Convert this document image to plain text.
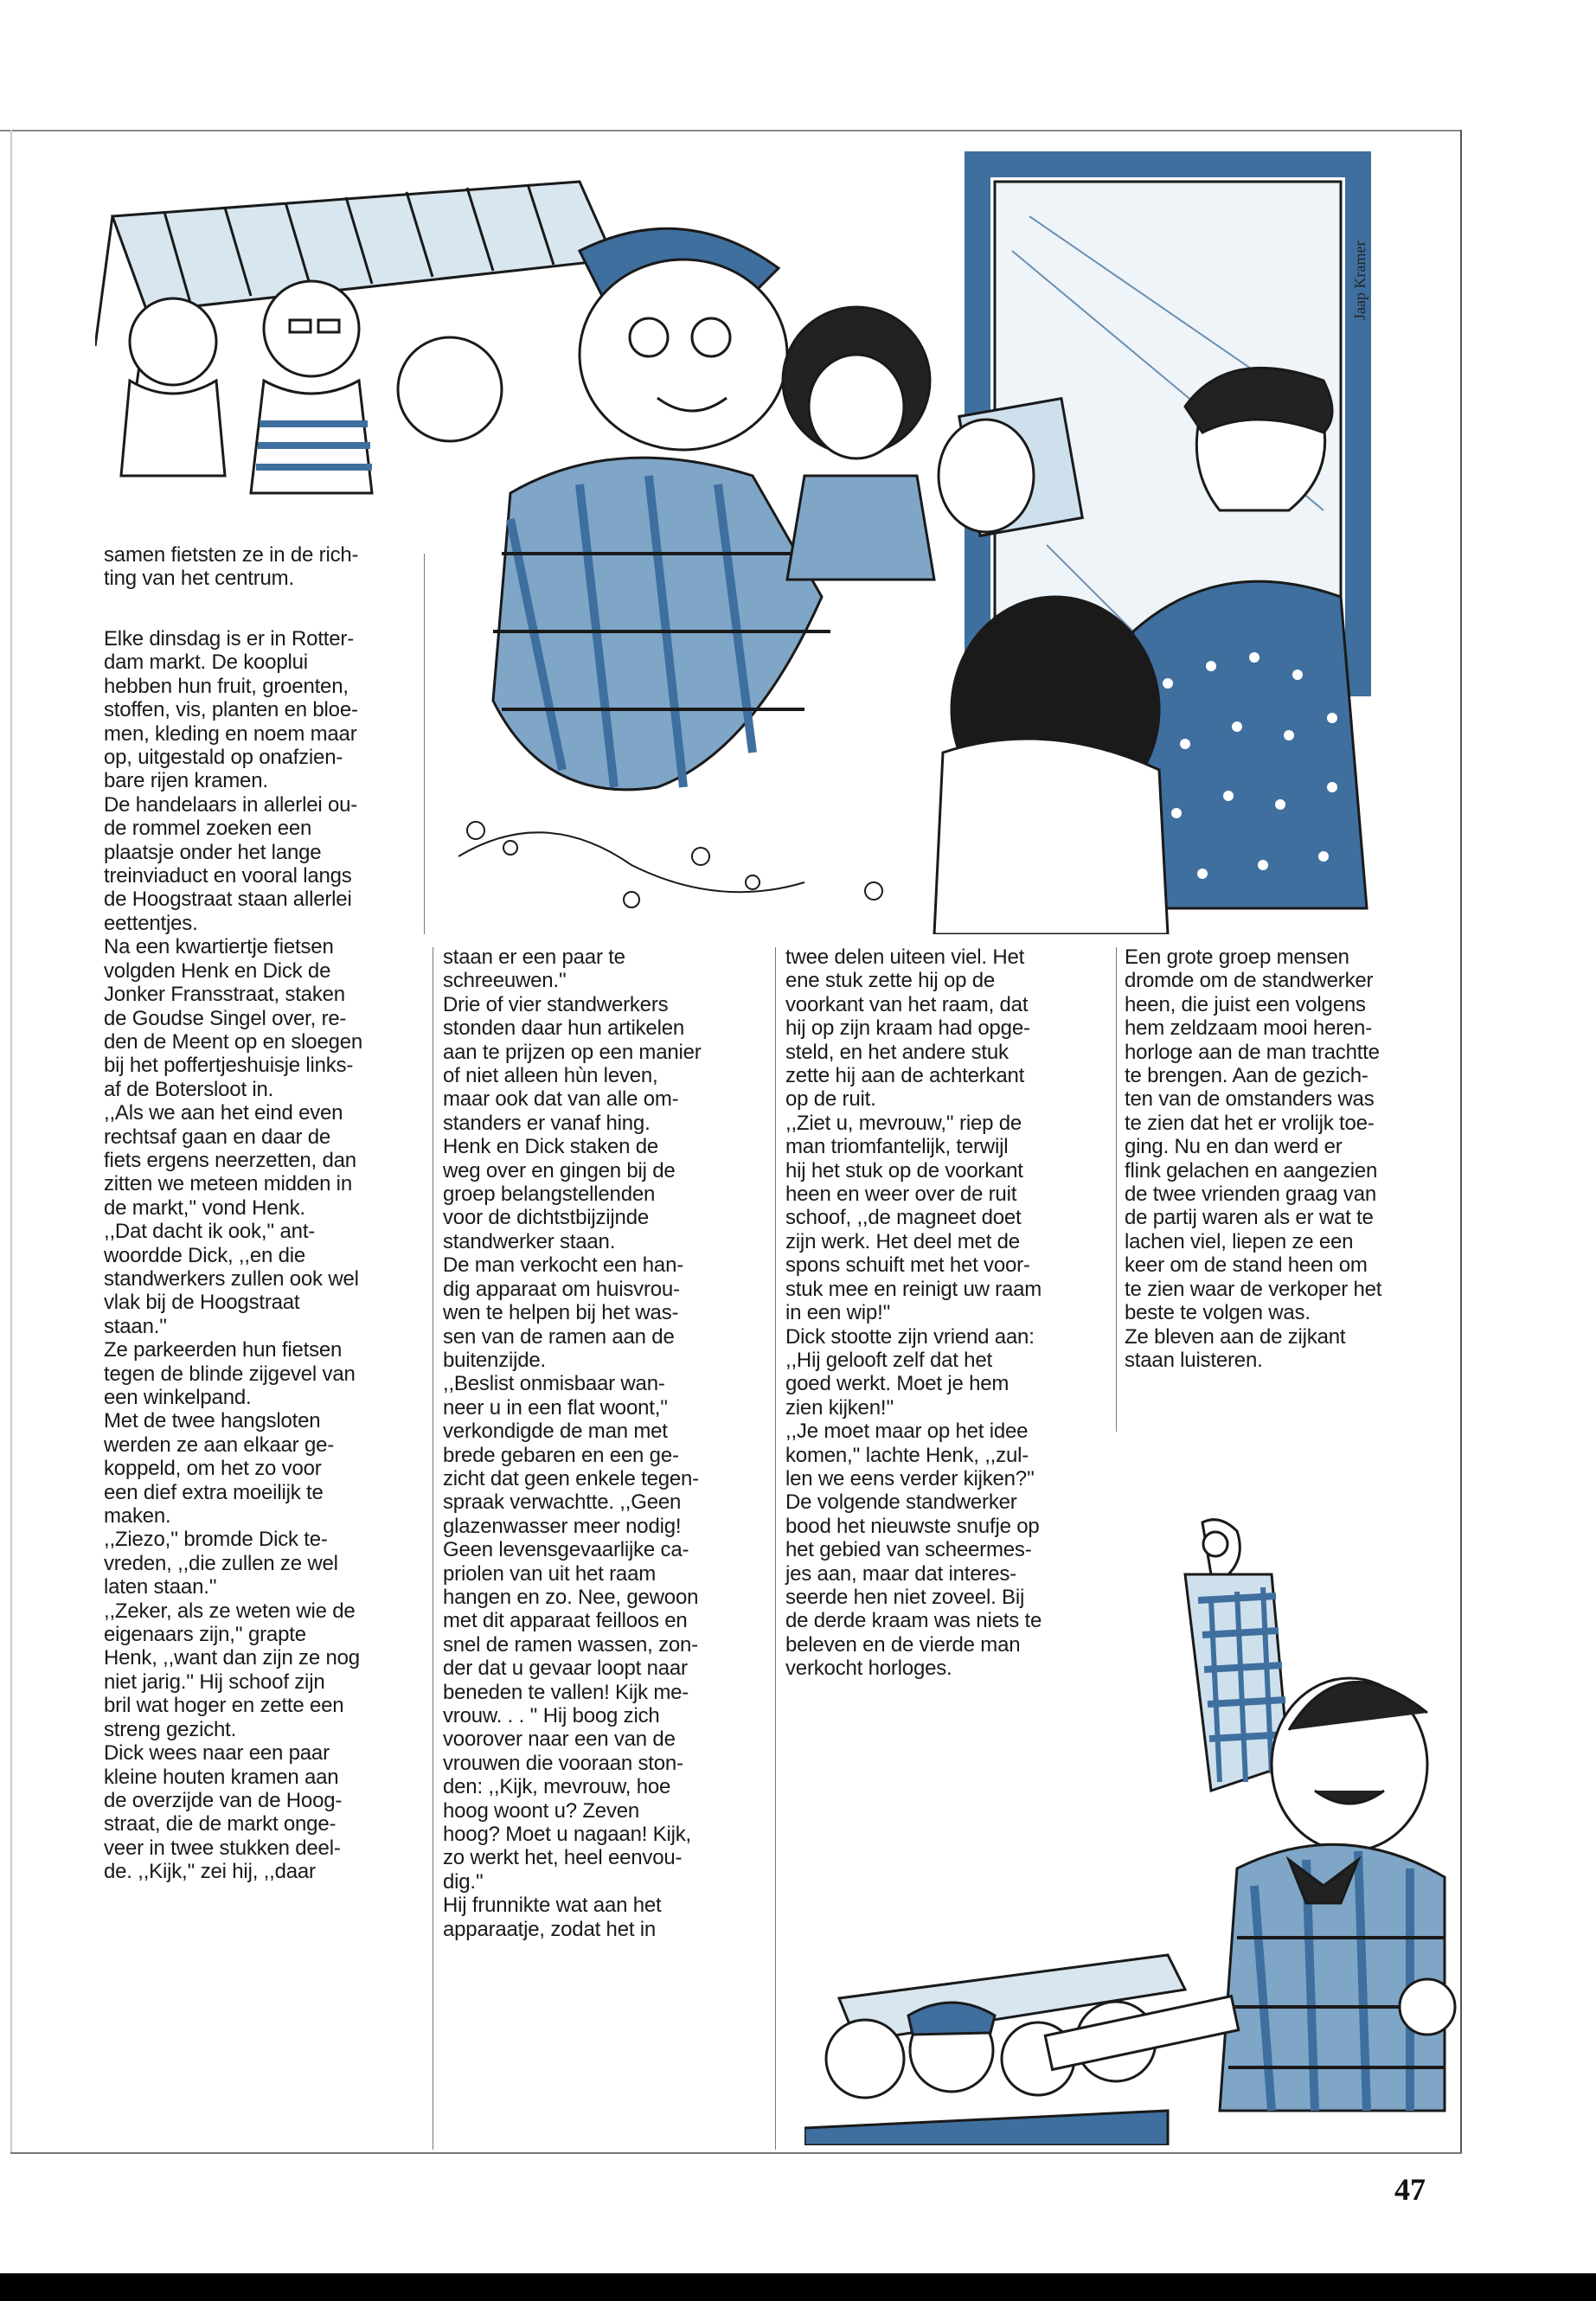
Jaap Kramer

samen fietsten ze in de rich-

ting van het centrum.

Elke dinsdag is er in Rotter-

dam markt. De kooplui

hebben hun fruit, groenten,

stoffen, vis, planten en bloe-

men, kleding en noem maar

op, uitgestald op onafzien-

bare rijen kramen.

De handelaars in allerlei ou-

de rommel zoeken een

plaatsje onder het lange

treinviaduct en vooral langs

de Hoogstraat staan allerlei

eettentjes.

Na een kwartiertje fietsen

volgden Henk en Dick de

Jonker Fransstraat, staken

de Goudse Singel over, re-

den de Meent op en sloegen

bij het poffertjeshuisje links-

af de Botersloot in.

,,Als we aan het eind even

rechtsaf gaan en daar de

fiets ergens neerzetten, dan

zitten we meteen midden in

de markt,'' vond Henk.

,,Dat dacht ik ook,'' ant-

woordde Dick, ,,en die

standwerkers zullen ook wel

vlak bij de Hoogstraat

staan.''

Ze parkeerden hun fietsen

tegen de blinde zijgevel van

een winkelpand.

Met de twee hangsloten

werden ze aan elkaar ge-

koppeld, om het zo voor

een dief extra moeilijk te

maken.

,,Ziezo,'' bromde Dick te-

vreden, ,,die zullen ze wel

laten staan.''

,,Zeker, als ze weten wie de

eigenaars zijn,'' grapte

Henk, ,,want dan zijn ze nog

niet jarig.'' Hij schoof zijn

bril wat hoger en zette een

streng gezicht.

Dick wees naar een paar

kleine houten kramen aan

de overzijde van de Hoog-

straat, die de markt onge-

veer in twee stukken deel-

de. ,,Kijk,'' zei hij, ,,daar

staan er een paar te

schreeuwen.''

Drie of vier standwerkers

stonden daar hun artikelen

aan te prijzen op een manier

of niet alleen hùn leven,

maar ook dat van alle om-

standers er vanaf hing.

Henk en Dick staken de

weg over en gingen bij de

groep belangstellenden

voor de dichtstbijzijnde

standwerker staan.

De man verkocht een han-

dig apparaat om huisvrou-

wen te helpen bij het was-

sen van de ramen aan de

buitenzijde.

,,Beslist onmisbaar wan-

neer u in een flat woont,''

verkondigde de man met

brede gebaren en een ge-

zicht dat geen enkele tegen-

spraak verwachtte. ,,Geen

glazenwasser meer nodig!

Geen levensgevaarlijke ca-

priolen van uit het raam

hangen en zo. Nee, gewoon

met dit apparaat feilloos en

snel de ramen wassen, zon-

der dat u gevaar loopt naar

beneden te vallen! Kijk me-

vrouw. . . '' Hij boog zich

voorover naar een van de

vrouwen die vooraan ston-

den: ,,Kijk, mevrouw, hoe

hoog woont u? Zeven

hoog? Moet u nagaan! Kijk,

zo werkt het, heel eenvou-

dig.''

Hij frunnikte wat aan het

apparaatje, zodat het in

twee delen uiteen viel. Het

ene stuk zette hij op de

voorkant van het raam, dat

hij op zijn kraam had opge-

steld, en het andere stuk

zette hij aan de achterkant

op de ruit.

,,Ziet u, mevrouw,'' riep de

man triomfantelijk, terwijl

hij het stuk op de voorkant

heen en weer over de ruit

schoof, ,,de magneet doet

zijn werk. Het deel met de

spons schuift met het voor-

stuk mee en reinigt uw raam

in een wip!''

Dick stootte zijn vriend aan:

,,Hij gelooft zelf dat het

goed werkt. Moet je hem

zien kijken!''

,,Je moet maar op het idee

komen,'' lachte Henk, ,,zul-

len we eens verder kijken?''

De volgende standwerker

bood het nieuwste snufje op

het gebied van scheermes-

jes aan, maar dat interes-

seerde hen niet zoveel. Bij

de derde kraam was niets te

beleven en de vierde man

verkocht horloges.

Een grote groep mensen

dromde om de standwerker

heen, die juist een volgens

hem zeldzaam mooi heren-

horloge aan de man trachtte

te brengen. Aan de gezich-

ten van de omstanders was

te zien dat het er vrolijk toe-

ging. Nu en dan werd er

flink gelachen en aangezien

de twee vrienden graag van

de partij waren als er wat te

lachen viel, liepen ze een

keer om de stand heen om

te zien waar de verkoper het

beste te volgen was.

Ze bleven aan de zijkant

staan luisteren.

47
